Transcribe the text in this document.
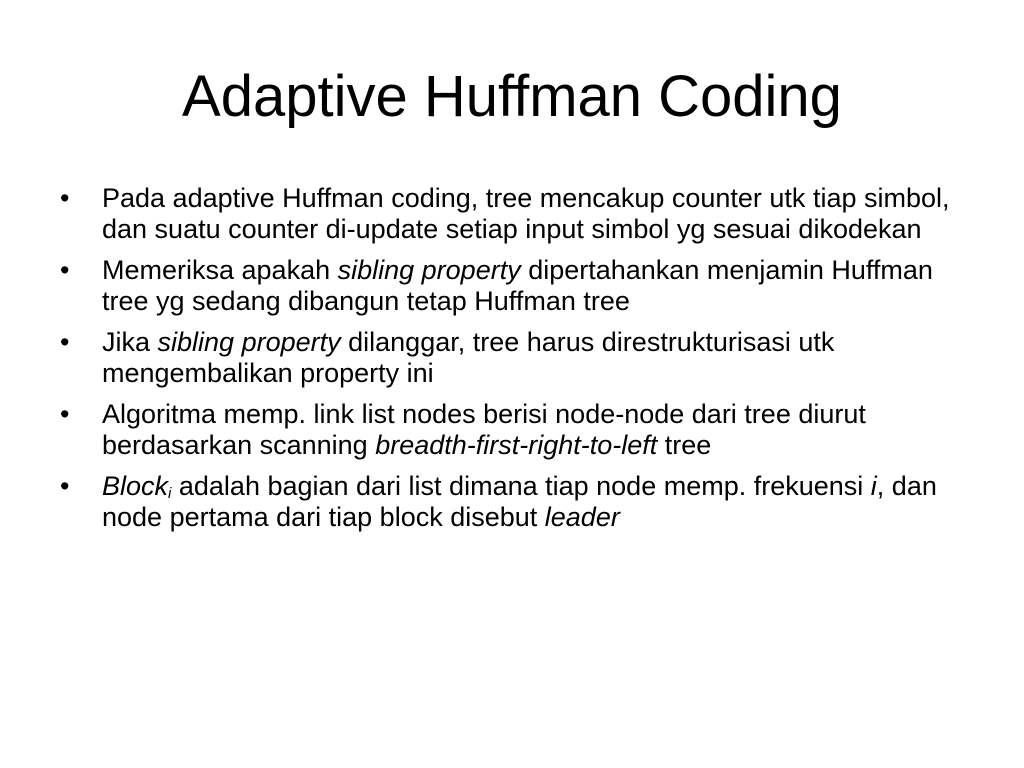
Adaptive Huffman Coding
•	Pada adaptive Huffman coding, tree mencakup counter utk tiap simbol, dan suatu counter di-update setiap input simbol yg sesuai dikodekan
•	Memeriksa apakah sibling property dipertahankan menjamin Huffman tree yg sedang dibangun tetap Huffman tree
•	Jika sibling property dilanggar, tree harus direstrukturisasi utk mengembalikan property ini
•	Algoritma memp. link list nodes berisi node-node dari tree diurut berdasarkan scanning breadth-first-right-to-left tree
•	Block$_i$ adalah bagian dari list dimana tiap node memp. frekuensi i, dan node pertama dari tiap block disebut leader
